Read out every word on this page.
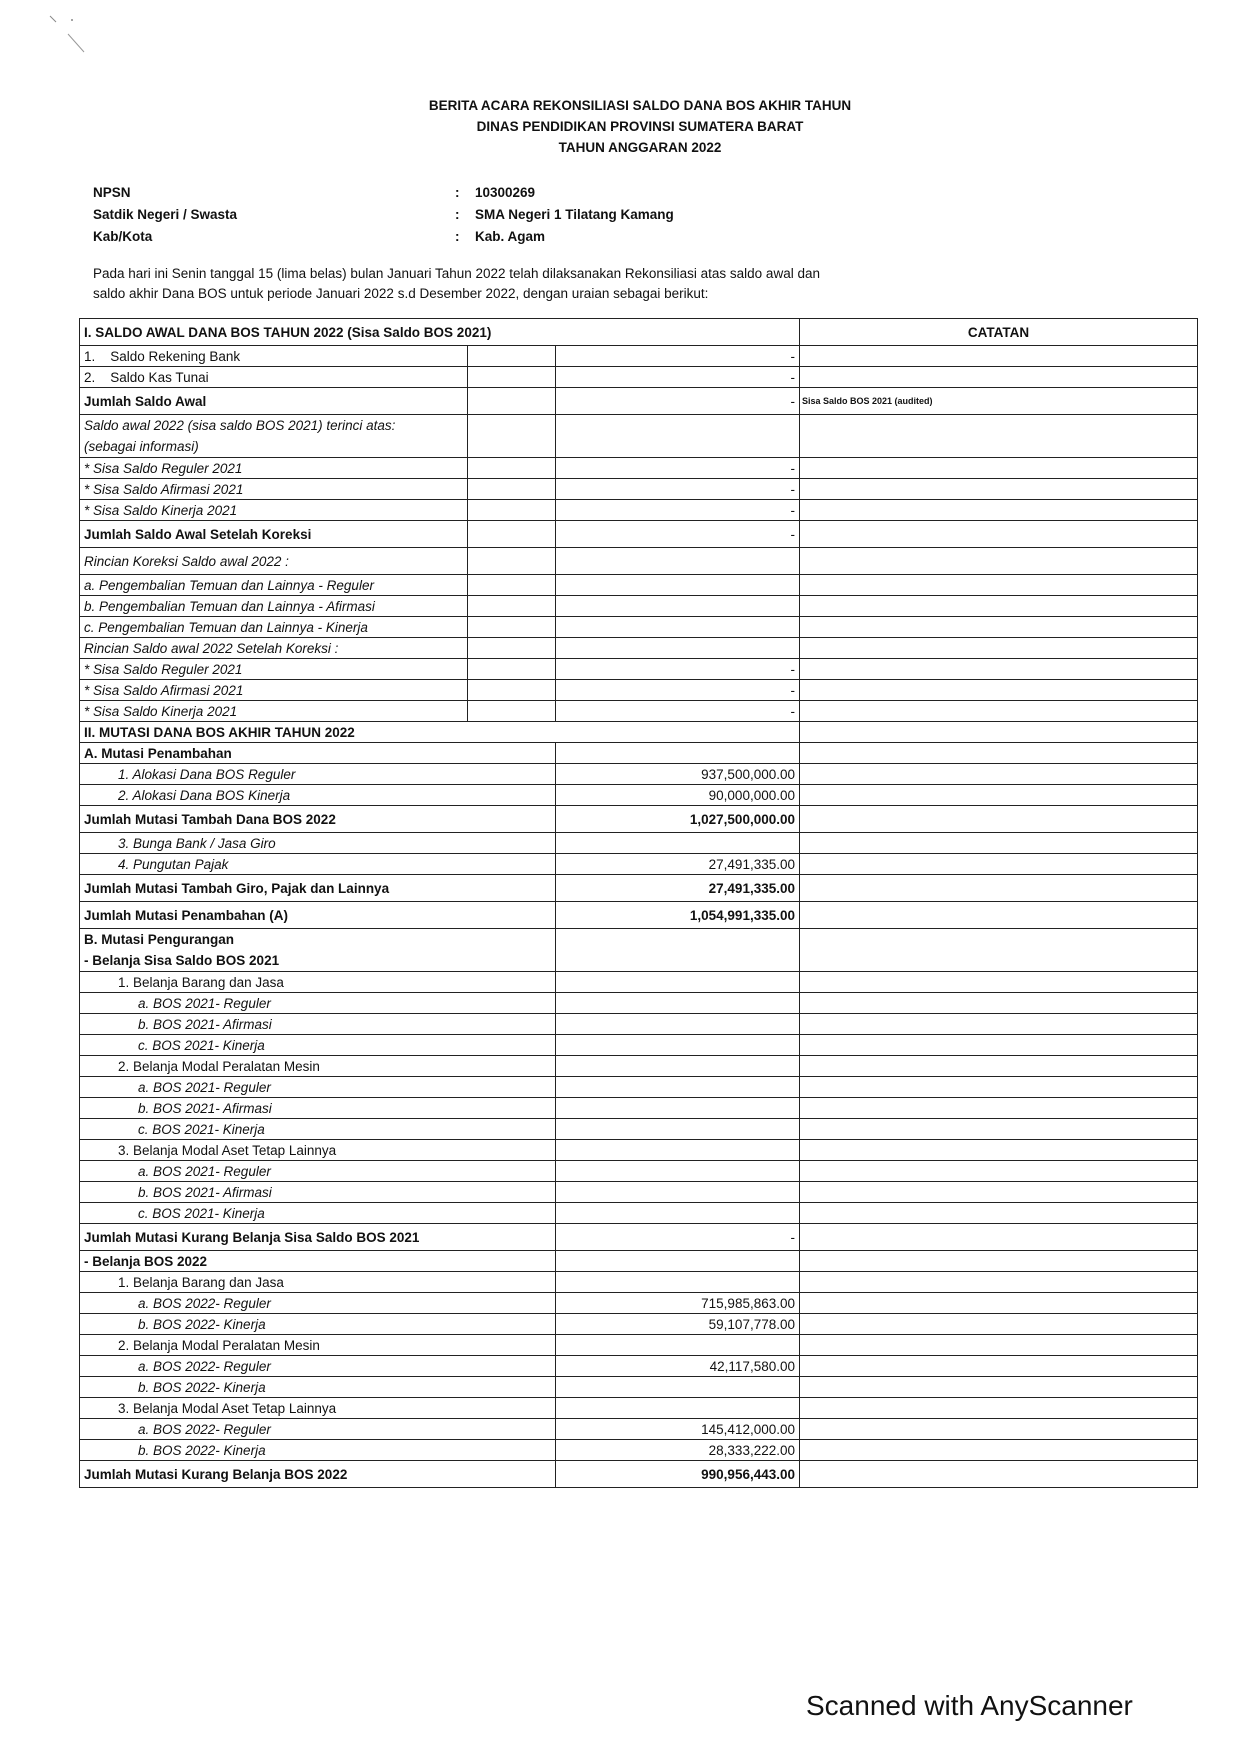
BERITA ACARA REKONSILIASI SALDO DANA BOS AKHIR TAHUN
DINAS PENDIDIKAN PROVINSI SUMATERA BARAT
TAHUN ANGGARAN 2022
NPSN	: 10300269
Satdik Negeri / Swasta	: SMA Negeri 1 Tilatang Kamang
Kab/Kota	: Kab. Agam
Pada hari ini Senin tanggal 15 (lima belas) bulan Januari Tahun 2022 telah dilaksanakan Rekonsiliasi atas saldo awal dan
saldo akhir Dana BOS untuk periode Januari 2022 s.d Desember 2022, dengan uraian sebagai berikut:
I. SALDO AWAL DANA BOS TAHUN 2022 (Sisa Saldo BOS 2021)			CATATAN
1. Saldo Rekening Bank		-	
2. Saldo Kas Tunai		-	
Jumlah Saldo Awal		-	Sisa Saldo BOS 2021 (audited)

Saldo awal 2022 (sisa saldo BOS 2021) terinci atas:
(sebagai informasi)			

* Sisa Saldo Reguler 2021		-	
* Sisa Saldo Afirmasi 2021		-	
* Sisa Saldo Kinerja 2021		-	
Jumlah Saldo Awal Setelah Koreksi		-	
Rincian Koreksi Saldo awal 2022 :			
a. Pengembalian Temuan dan Lainnya - Reguler			
b. Pengembalian Temuan dan Lainnya - Afirmasi			
c. Pengembalian Temuan dan Lainnya - Kinerja			
Rincian Saldo awal 2022 Setelah Koreksi :			
* Sisa Saldo Reguler 2021		-	
* Sisa Saldo Afirmasi 2021		-	
* Sisa Saldo Kinerja 2021		-	
II. MUTASI DANA BOS AKHIR TAHUN 2022			
A. Mutasi Penambahan			
1. Alokasi Dana BOS Reguler		937,500,000.00	
2. Alokasi Dana BOS Kinerja		90,000,000.00	
Jumlah Mutasi Tambah Dana BOS 2022		1,027,500,000.00	
3. Bunga Bank / Jasa Giro			
4. Pungutan Pajak		27,491,335.00	
Jumlah Mutasi Tambah Giro, Pajak dan Lainnya		27,491,335.00	
Jumlah Mutasi Penambahan (A)		1,054,991,335.00	

B. Mutasi Pengurangan
- Belanja Sisa Saldo BOS 2021			

1. Belanja Barang dan Jasa			
a. BOS 2021- Reguler			
b. BOS 2021- Afirmasi			
c. BOS 2021- Kinerja			
2. Belanja Modal Peralatan Mesin			
a. BOS 2021- Reguler			
b. BOS 2021- Afirmasi			
c. BOS 2021- Kinerja			
3. Belanja Modal Aset Tetap Lainnya			
a. BOS 2021- Reguler			
b. BOS 2021- Afirmasi			
c. BOS 2021- Kinerja			
Jumlah Mutasi Kurang Belanja Sisa Saldo BOS 2021		-	
- Belanja BOS 2022			
1. Belanja Barang dan Jasa			
a. BOS 2022- Reguler		715,985,863.00	
b. BOS 2022- Kinerja		59,107,778.00	
2. Belanja Modal Peralatan Mesin			
a. BOS 2022- Reguler		42,117,580.00	
b. BOS 2022- Kinerja			
3. Belanja Modal Aset Tetap Lainnya			
a. BOS 2022- Reguler		145,412,000.00	
b. BOS 2022- Kinerja		28,333,222.00	
Jumlah Mutasi Kurang Belanja BOS 2022		990,956,443.00	
Scanned with AnyScanner
